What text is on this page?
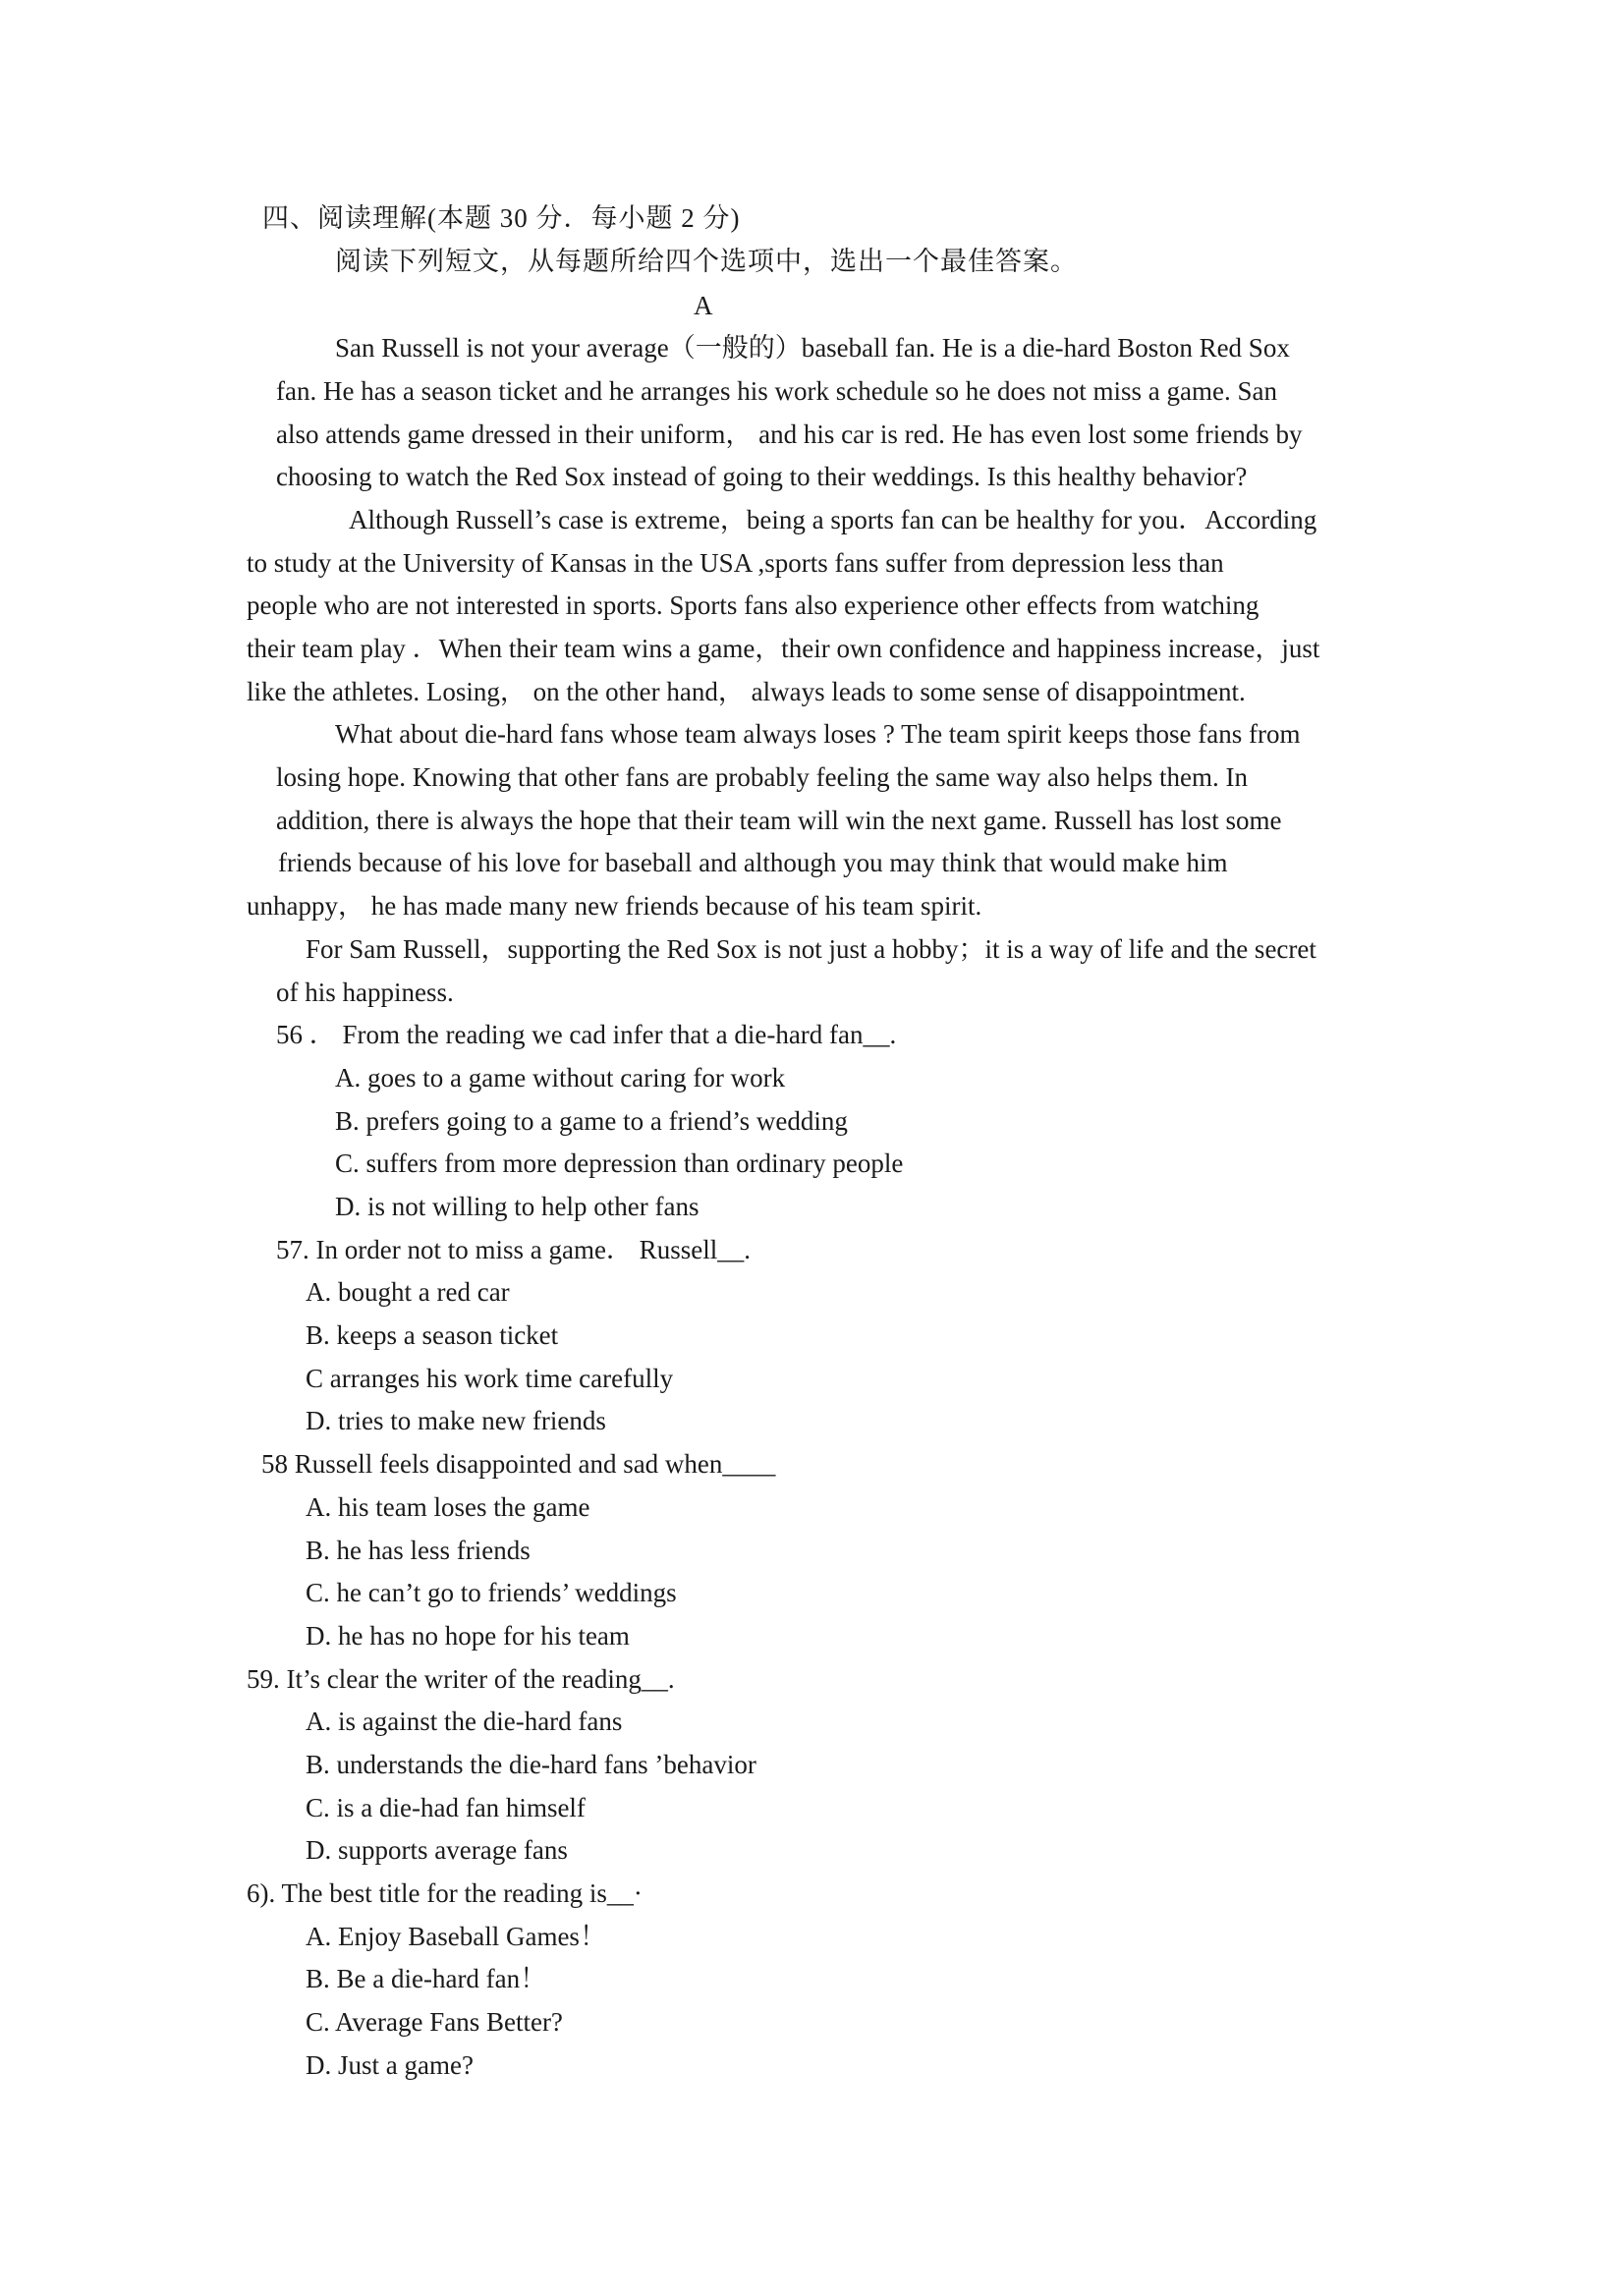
四、阅读理解(本题 30 分．每小题 2 分)
阅读下列短文，从每题所给四个选项中，选出一个最佳答案。
A
San Russell is not your average（一般的）baseball fan. He is a die-hard Boston Red Sox
fan. He has a season ticket and he arranges his work schedule so he does not miss a game. San
also attends game dressed in their uniform， and his car is red. He has even lost some friends by
choosing to watch the Red Sox instead of going to their weddings. Is this healthy behavior?
Although Russell’s case is extreme，being a sports fan can be healthy for you．According
to study at the University of Kansas in the USA ,sports fans suffer from depression less than
people who are not interested in sports. Sports fans also experience other effects from watching
their team play ．When their team wins a game，their own confidence and happiness increase，just
like the athletes. Losing， on the other hand， always leads to some sense of disappointment.
What about die-hard fans whose team always loses ? The team spirit keeps those fans from
losing hope. Knowing that other fans are probably feeling the same way also helps them. In
addition, there is always the hope that their team will win the next game. Russell has lost some
friends because of his love for baseball and although you may think that would make him
unhappy， he has made many new friends because of his team spirit.
For Sam Russell，supporting the Red Sox is not just a hobby；it is a way of life and the secret
of his happiness.
56 ． From the reading we cad infer that a die-hard fan__.
A. goes to a game without caring for work
B. prefers going to a game to a friend’s wedding
C. suffers from more depression than ordinary people
D. is not willing to help other fans
57. In order not to miss a game． Russell__.
A. bought a red car
B. keeps a season ticket
C arranges his work time carefully
D. tries to make new friends
58 Russell feels disappointed and sad when____
A. his team loses the game
B. he has less friends
C. he can’t go to friends’ weddings
D. he has no hope for his team
59. It’s clear the writer of the reading__.
A. is against the die-hard fans
B. understands the die-hard fans ’behavior
C. is a die-had fan himself
D. supports average fans
6). The best title for the reading is__·
A. Enjoy Baseball Games！
B. Be a die-hard fan！
C. Average Fans Better?
D. Just a game?
